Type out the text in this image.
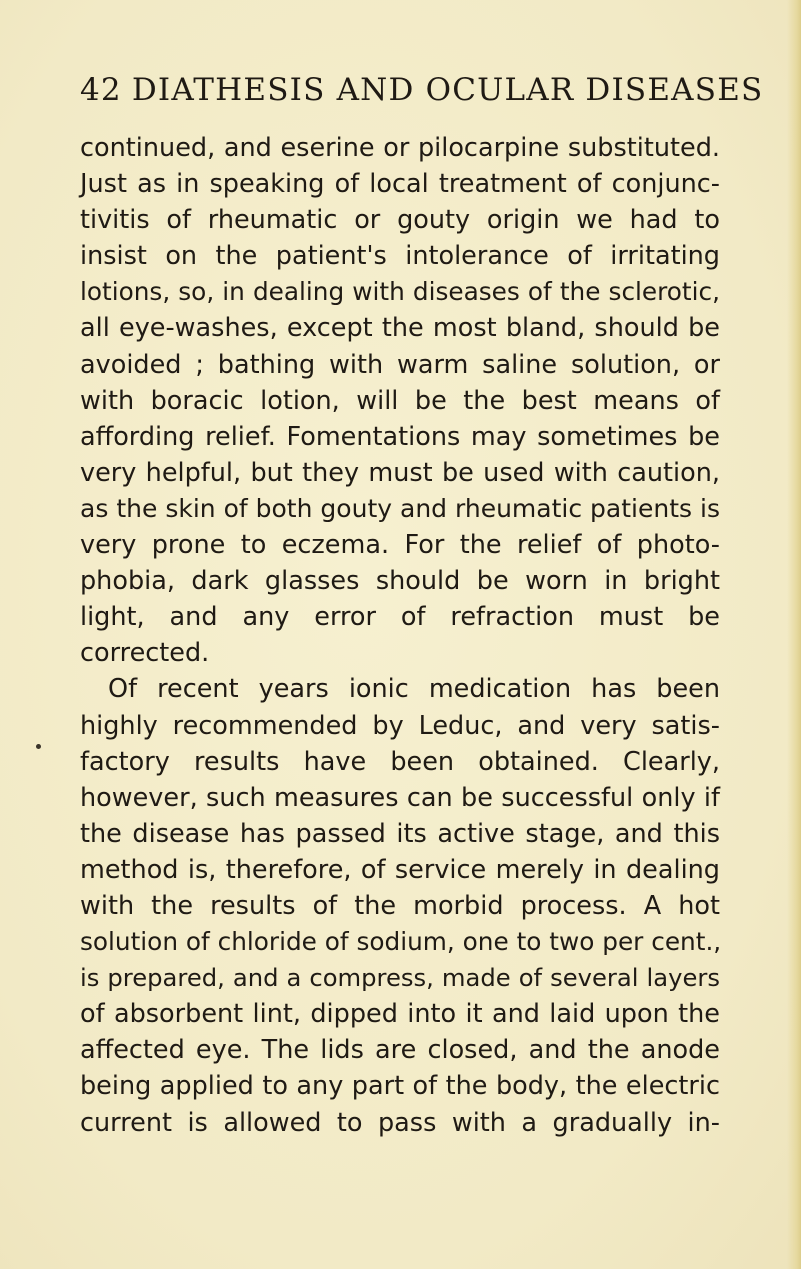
42 DIATHESIS AND OCULAR DISEASES
continued, and eserine or pilocarpine substituted.
Just as in speaking of local treatment of conjunc-
tivitis of rheumatic or gouty origin we had to
insist on the patient's intolerance of irritating
lotions, so, in dealing with diseases of the sclerotic,
all eye-washes, except the most bland, should be
avoided ; bathing with warm saline solution, or
with boracic lotion, will be the best means of
affording relief. Fomentations may sometimes be
very helpful, but they must be used with caution,
as the skin of both gouty and rheumatic patients is
very prone to eczema. For the relief of photo-
phobia, dark glasses should be worn in bright
light, and any error of refraction must be
corrected.
Of recent years ionic medication has been
highly recommended by Leduc, and very satis-
factory results have been obtained. Clearly,
however, such measures can be successful only if
the disease has passed its active stage, and this
method is, therefore, of service merely in dealing
with the results of the morbid process. A hot
solution of chloride of sodium, one to two per cent.,
is prepared, and a compress, made of several layers
of absorbent lint, dipped into it and laid upon the
affected eye. The lids are closed, and the anode
being applied to any part of the body, the electric
current is allowed to pass with a gradually in-
